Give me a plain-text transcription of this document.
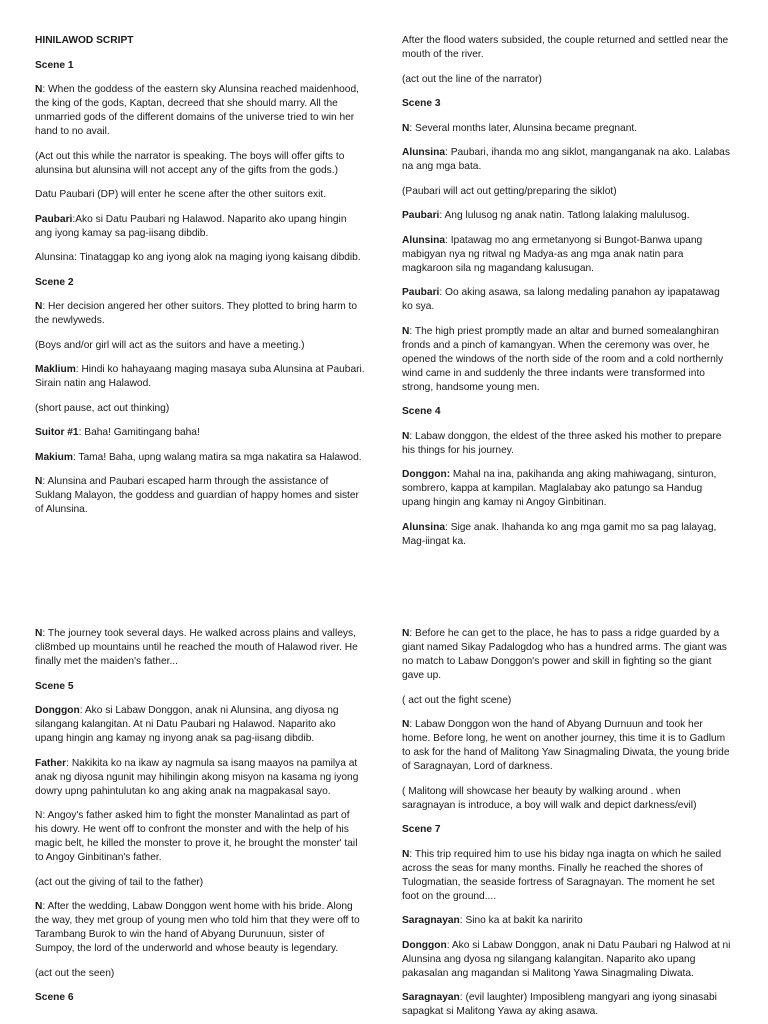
HINILAWOD SCRIPT

Scene 1

N: When the goddess of the eastern sky Alunsina reached maidenhood, the king of the gods, Kaptan, decreed that she should marry. All the unmarried gods of the different domains of the universe tried to win her hand to no avail.

(Act out this while the narrator is speaking. The boys will offer gifts to alunsina but alunsina will not accept any of the gifts from the gods.)

Datu Paubari (DP) will enter he scene after the other suitors exit.

Paubari:Ako si Datu Paubari ng Halawod. Naparito ako upang hingin ang iyong kamay sa pag-iisang dibdib.

Alunsina: Tinataggap ko ang iyong alok na maging iyong kaisang dibdib.

Scene 2

N: Her decision angered her other suitors. They plotted to bring harm to the newlyweds.

(Boys and/or girl will act as the suitors and have a meeting.)

Maklium: Hindi ko hahayaang maging masaya suba Alunsina at Paubari. Sirain natin ang Halawod.

(short pause, act out thinking)

Suitor #1: Baha! Gamitingang baha!

Makium: Tama! Baha, upng walang matira sa mga nakatira sa Halawod.

N: Alunsina and Paubari escaped harm through the assistance of Suklang Malayon, the goddess and guardian of happy homes and sister of Alunsina.

After the flood waters subsided, the couple returned and settled near the mouth of the river.

(act out the line of the narrator)

Scene 3

N: Several months later, Alunsina became pregnant.

Alunsina: Paubari, ihanda mo ang siklot, manganganak na ako. Lalabas na ang mga bata.

(Paubari will act out getting/preparing the siklot)

Paubari: Ang lulusog ng anak natin. Tatlong lalaking malulusog.

Alunsina: Ipatawag mo ang ermetanyong si Bungot-Banwa upang mabigyan nya ng ritwal ng Madya-as ang mga anak natin para magkaroon sila ng magandang kalusugan.

Paubari: Oo aking asawa, sa lalong medaling panahon ay ipapatawag ko sya.

N: The high priest promptly made an altar and burned somealanghiran fronds and a pinch of kamangyan. When the ceremony was over, he opened the windows of the north side of the room and a cold northernly wind came in and suddenly the three indants were transformed into strong, handsome young men.

Scene 4

N: Labaw donggon, the eldest of the three asked his mother to prepare his things for his journey.

Donggon: Mahal na ina, pakihanda ang aking mahiwagang, sinturon, sombrero, kappa at kampilan. Maglalabay ako patungo sa Handug upang hingin ang kamay ni Angoy Ginbitinan.

Alunsina: Sige anak. Ihahanda ko ang mga gamit mo sa pag lalayag, Mag-iingat ka.

N: The journey took several days. He walked across plains and valleys, cli8mbed up mountains until he reached the mouth of Halawod river. He finally met the maiden's father...

Scene 5

Donggon: Ako si Labaw Donggon, anak ni Alunsina, ang diyosa ng silangang kalangitan. At ni Datu Paubari ng Halawod. Naparito ako upang hingin ang kamay ng inyong anak sa pag-iisang dibdib.

Father: Nakikita ko na ikaw ay nagmula sa isang maayos na pamilya at anak ng diyosa ngunit may hihilingin akong misyon na kasama ng iyong dowry upng pahintulutan ko ang aking anak na magpakasal sayo.

N: Angoy's father asked him to fight the monster Manalintad as part of his dowry. He went off to confront the monster and with the help of his magic belt, he killed the monster to prove it, he brought the monster' tail to Angoy Ginbitinan's father.

(act out the giving of tail to the father)

N: After the wedding, Labaw Donggon went home with his bride. Along the way, they met group of young men who told him that they were off to Tarambang Burok to win the hand of Abyang Durunuun, sister of Sumpoy, the lord of the underworld and whose beauty is legendary.

(act out the seen)

Scene 6

N: Before he can get to the place, he has to pass a ridge guarded by a giant named Sikay Padalogdog who has a hundred arms. The giant was no match to Labaw Donggon's power and skill in fighting so the giant gave up.

( act out the fight scene)

N: Labaw Donggon won the hand of Abyang Durnuun and took her home. Before long, he went on another journey, this time it is to Gadlum to ask for the hand of Malitong Yaw Sinagmaling Diwata, the young bride of Saragnayan, Lord of darkness.

( Malitong will showcase her beauty by walking around . when saragnayan is introduce, a boy will walk and depict darkness/evil)

Scene 7

N: This trip required him to use his biday nga inagta on which he sailed across the seas for many months. Finally he reached the shores of Tulogmatian, the seaside fortress of Saragnayan. The moment he set foot on the ground....

Saragnayan: Sino ka at bakit ka naririto

Donggon: Ako si Labaw Donggon, anak ni Datu Paubari ng Halwod at ni Alunsina ang dyosa ng silangang kalangitan. Naparito ako upang pakasalan ang magandan si Malitong Yawa Sinagmaling Diwata.

Saragnayan: (evil laughter) Imposibleng mangyari ang iyong sinasabi sapagkat si Malitong Yawa ay aking asawa.
